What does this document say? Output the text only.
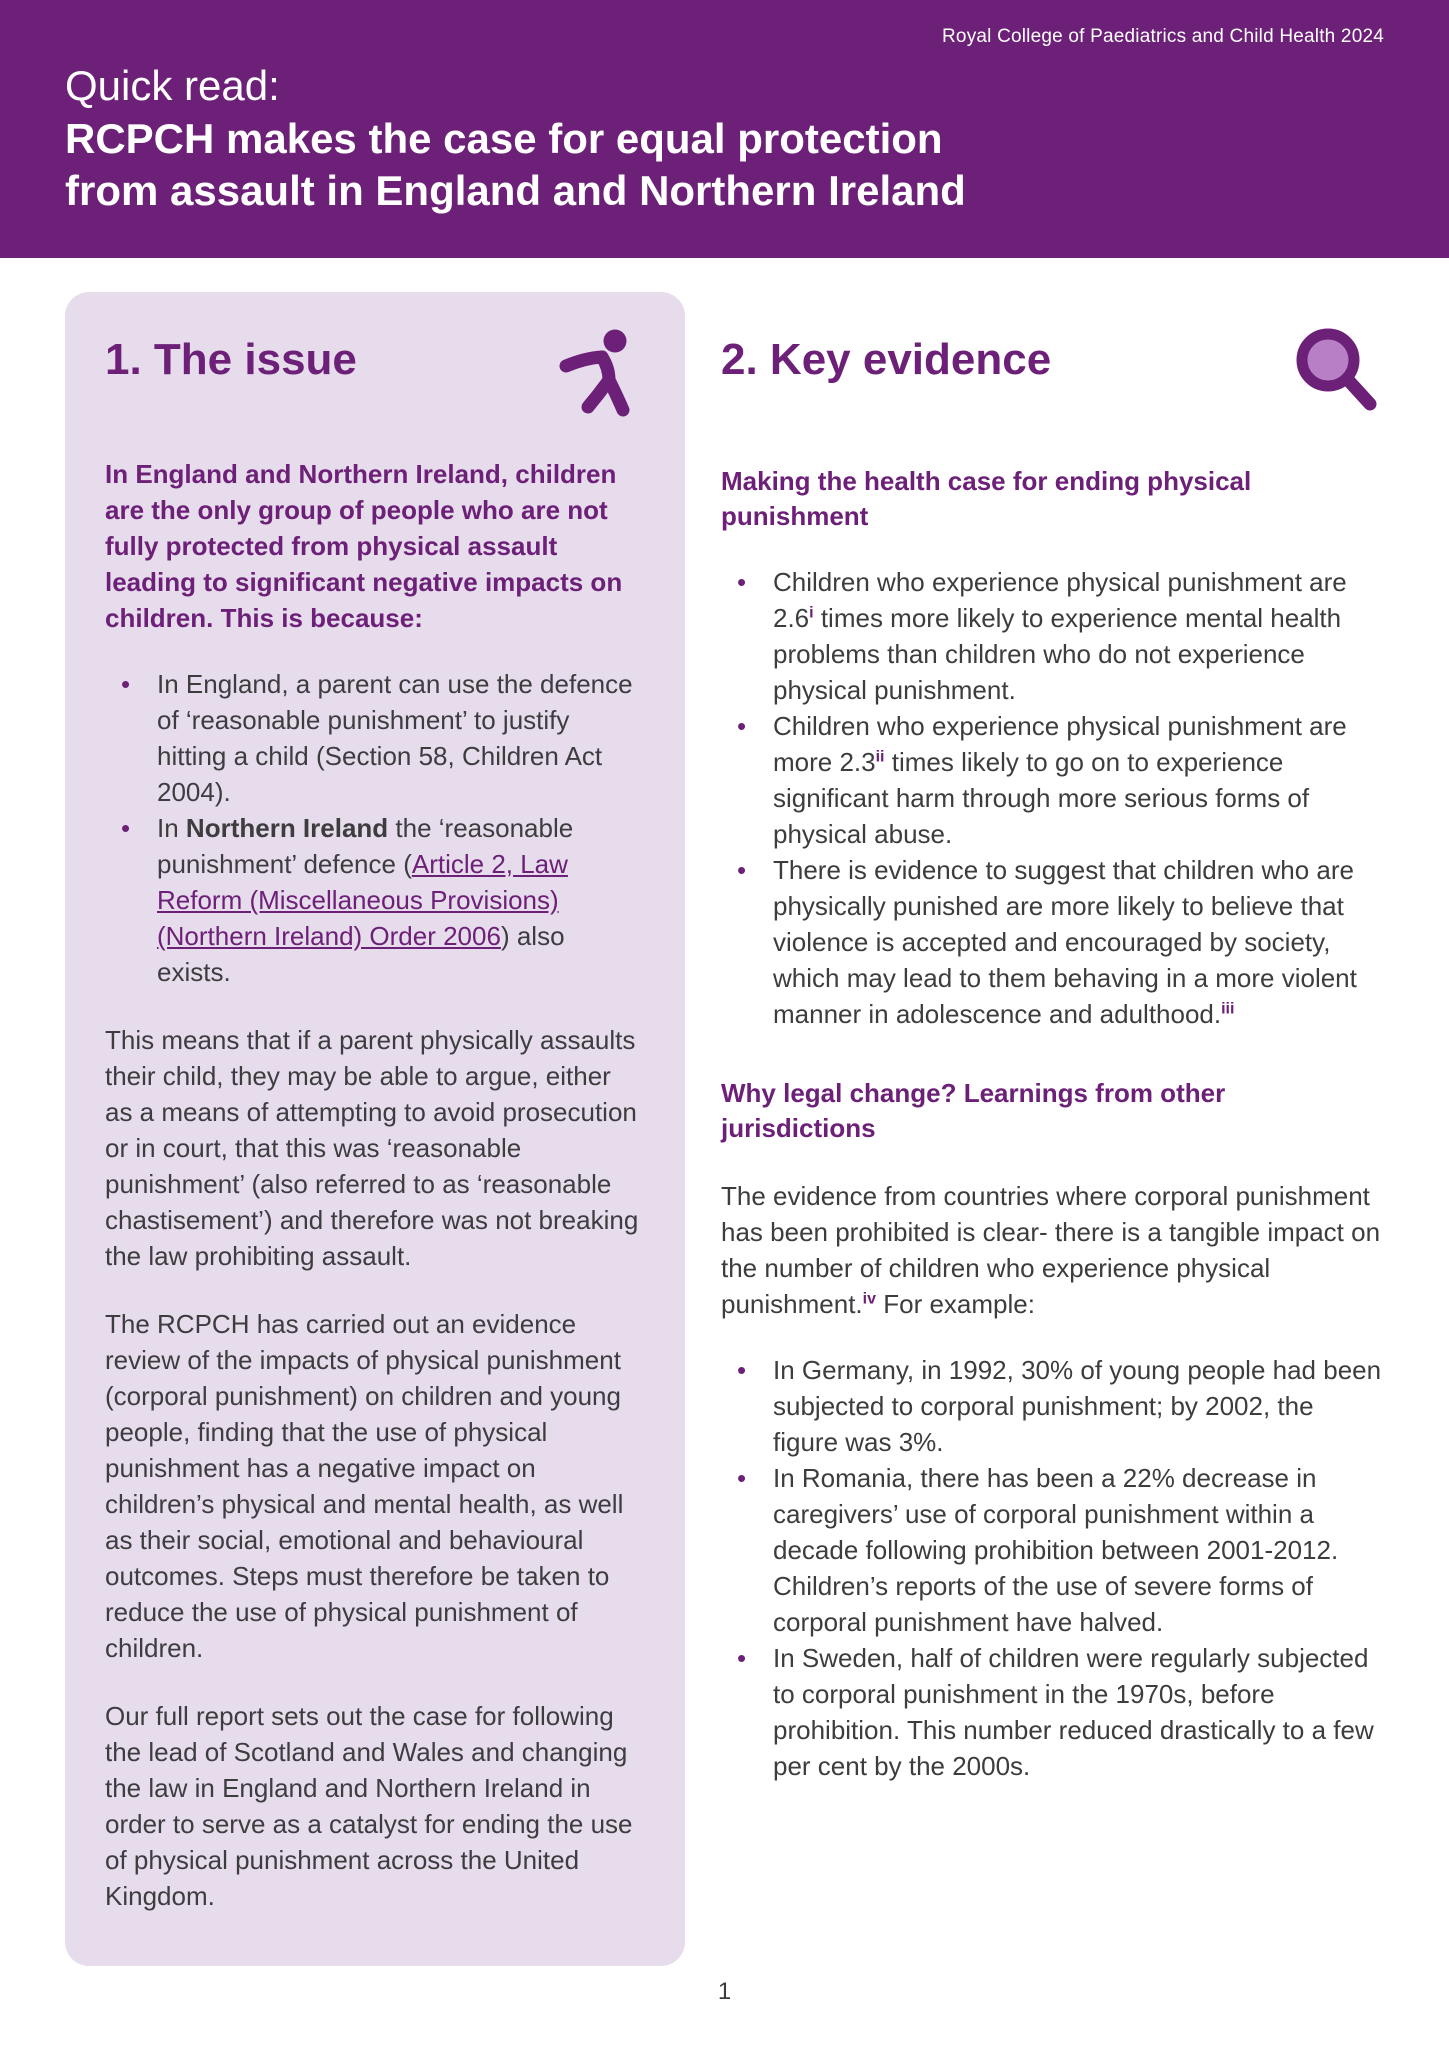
Royal College of Paediatrics and Child Health 2024
Quick read:
RCPCH makes the case for equal protection
from assault in England and Northern Ireland
1. The issue

In England and Northern Ireland, children are the only group of people who are not fully protected from physical assault leading to significant negative impacts on children. This is because:

• In England, a parent can use the defence of ‘reasonable punishment’ to justify hitting a child (Section 58, Children Act 2004).
• In Northern Ireland the ‘reasonable punishment’ defence (Article 2, Law Reform (Miscellaneous Provisions) (Northern Ireland) Order 2006) also exists.

This means that if a parent physically assaults their child, they may be able to argue, either as a means of attempting to avoid prosecution or in court, that this was ‘reasonable punishment’ (also referred to as ‘reasonable chastisement’) and therefore was not breaking the law prohibiting assault.

The RCPCH has carried out an evidence review of the impacts of physical punishment (corporal punishment) on children and young people, finding that the use of physical punishment has a negative impact on children’s physical and mental health, as well as their social, emotional and behavioural outcomes. Steps must therefore be taken to reduce the use of physical punishment of children.

Our full report sets out the case for following the lead of Scotland and Wales and changing the law in England and Northern Ireland in order to serve as a catalyst for ending the use of physical punishment across the United Kingdom.

2. Key evidence
Making the health case for ending physical punishment
• Children who experience physical punishment are 2.6$^i$ times more likely to experience mental health problems than children who do not experience physical punishment.
• Children who experience physical punishment are more 2.3$^{ii}$ times likely to go on to experience significant harm through more serious forms of physical abuse.
• There is evidence to suggest that children who are physically punished are more likely to believe that violence is accepted and encouraged by society, which may lead to them behaving in a more violent manner in adolescence and adulthood.$^{iii}$
Why legal change? Learnings from other jurisdictions

The evidence from countries where corporal punishment has been prohibited is clear- there is a tangible impact on the number of children who experience physical punishment.$^{iv}$ For example:

• In Germany, in 1992, 30% of young people had been subjected to corporal punishment; by 2002, the figure was 3%.
• In Romania, there has been a 22% decrease in caregivers’ use of corporal punishment within a decade following prohibition between 2001-2012. Children’s reports of the use of severe forms of corporal punishment have halved.
• In Sweden, half of children were regularly subjected to corporal punishment in the 1970s, before prohibition. This number reduced drastically to a few per cent by the 2000s.
1
